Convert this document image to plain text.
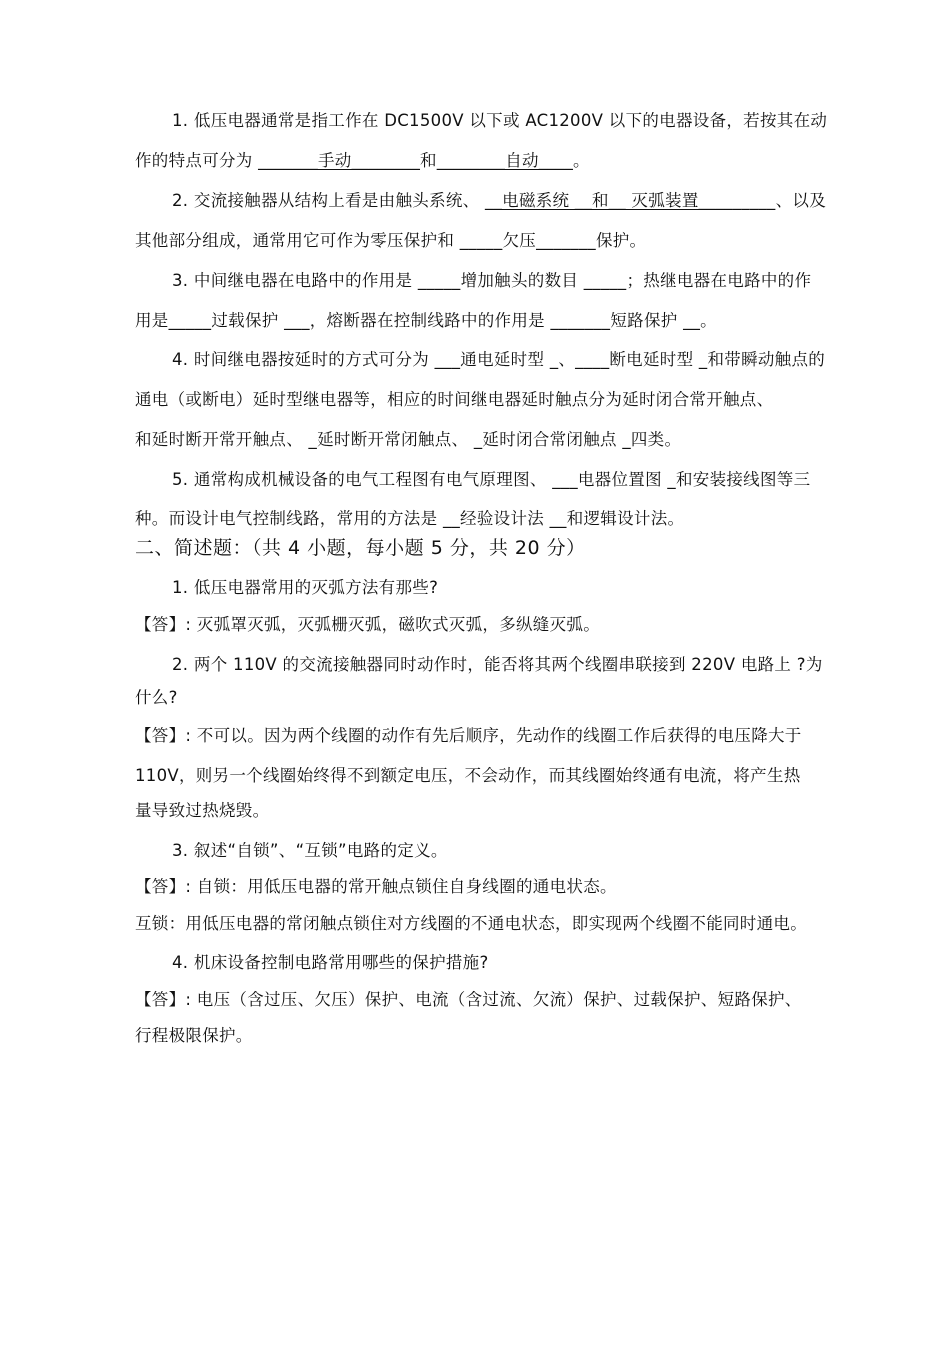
1. 低压电器通常是指工作在 DC1500V 以下或 AC1200V 以下的电器设备，若按其在动
作的特点可分为 _______手动________和________自动____。
2. 交流接触器从结构上看是由触头系统、 __电磁系统 __和__ 灭弧装置_________、以及
其他部分组成，通常用它可作为零压保护和 _____欠压_______保护。
3. 中间继电器在电路中的作用是 _____增加触头的数目 _____；热继电器在电路中的作
用是_____过载保护 ___，熔断器在控制线路中的作用是 _______短路保护 __。
4. 时间继电器按延时的方式可分为 ___通电延时型 _、____断电延时型 _和带瞬动触点的
通电（或断电）延时型继电器等，相应的时间继电器延时触点分为延时闭合常开触点、
和延时断开常开触点、 _延时断开常闭触点、 _延时闭合常闭触点 _四类。
5. 通常构成机械设备的电气工程图有电气原理图、 ___电器位置图 _和安装接线图等三
种。而设计电气控制线路，常用的方法是 __经验设计法 __和逻辑设计法。
二、简述题：（共 4 小题，每小题 5 分，共 20 分）
1. 低压电器常用的灭弧方法有那些?
【答】: 灭弧罩灭弧，灭弧栅灭弧，磁吹式灭弧，多纵缝灭弧。
2. 两个 110V 的交流接触器同时动作时，能否将其两个线圈串联接到 220V 电路上 ?为
什么?
【答】: 不可以。因为两个线圈的动作有先后顺序，先动作的线圈工作后获得的电压降大于
110V，则另一个线圈始终得不到额定电压，不会动作，而其线圈始终通有电流，将产生热
量导致过热烧毁。
3. 叙述“自锁”、“互锁”电路的定义。
【答】: 自锁：用低压电器的常开触点锁住自身线圈的通电状态。
互锁：用低压电器的常闭触点锁住对方线圈的不通电状态，即实现两个线圈不能同时通电。
4. 机床设备控制电路常用哪些的保护措施?
【答】: 电压（含过压、欠压）保护、电流（含过流、欠流）保护、过载保护、短路保护、
行程极限保护。
